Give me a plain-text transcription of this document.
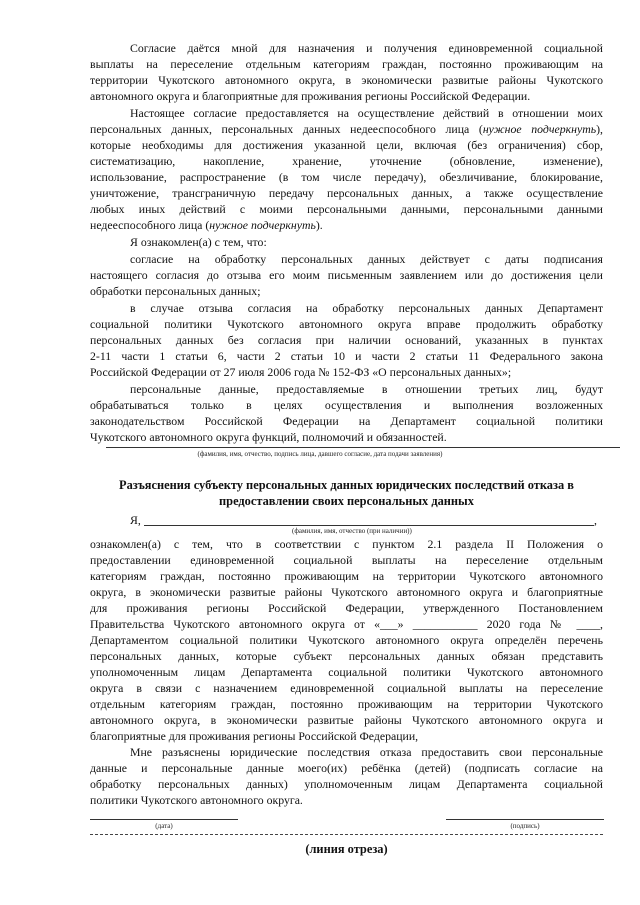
Согласие даётся мной для назначения и получения единовременной социальной
выплаты на переселение отдельным категориям граждан, постоянно проживающим на
территории Чукотского автономного округа, в экономически развитые районы Чукотского
автономного округа и благоприятные для проживания регионы Российской Федерации.
Настоящее согласие предоставляется на осуществление действий в отношении моих
персональных данных, персональных данных недееспособного лица (нужное подчеркнуть),
которые необходимы для достижения указанной цели, включая (без ограничения) сбор,
систематизацию, накопление, хранение, уточнение (обновление, изменение),
использование, распространение (в том числе передачу), обезличивание, блокирование,
уничтожение, трансграничную передачу персональных данных, а также осуществление
любых иных действий с моими персональными данными, персональными данными
недееспособного лица (нужное подчеркнуть).
Я ознакомлен(а) с тем, что:
согласие на обработку персональных данных действует с даты подписания
настоящего согласия до отзыва его моим письменным заявлением или до достижения цели
обработки персональных данных;
в случае отзыва согласия на обработку персональных данных Департамент
социальной политики Чукотского автономного округа вправе продолжить обработку
персональных данных без согласия при наличии оснований, указанных в пунктах
2-11 части 1 статьи 6, части 2 статьи 10 и части 2 статьи 11 Федерального закона
Российской Федерации от 27 июля 2006 года № 152-ФЗ «О персональных данных»;
персональные данные, предоставляемые в отношении третьих лиц, будут
обрабатываться только в целях осуществления и выполнения возложенных
законодательством Российской Федерации на Департамент социальной политики
Чукотского автономного округа функций, полномочий и обязанностей.
(фамилия, имя, отчество, подпись лица, давшего согласие, дата подачи заявления)
Разъяснения субъекту персональных данных юридических последствий отказа в
предоставлении своих персональных данных
Я,	,
(фамилия, имя, отчество (при наличии))
ознакомлен(а) с тем, что в соответствии с пунктом 2.1 раздела II Положения о
предоставлении единовременной социальной выплаты на переселение отдельным
категориям граждан, постоянно проживающим на территории Чукотского автономного
округа, в экономически развитые районы Чукотского автономного округа и благоприятные
для проживания регионы Российской Федерации, утвержденного Постановлением
Правительства Чукотского автономного округа от «___» ___________ 2020 года № ____,
Департаментом социальной политики Чукотского автономного округа определён перечень
персональных данных, которые субъект персональных данных обязан представить
уполномоченным лицам Департамента социальной политики Чукотского автономного
округа в связи с назначением единовременной социальной выплаты на переселение
отдельным категориям граждан, постоянно проживающим на территории Чукотского
автономного округа, в экономически развитые районы Чукотского автономного округа и
благоприятные для проживания регионы Российской Федерации,
Мне разъяснены юридические последствия отказа предоставить свои персональные
данные и персональные данные моего(их) ребёнка (детей) (подписать согласие на
обработку персональных данных) уполномоченным лицам Департамента социальной
политики Чукотского автономного округа.
(дата)	(подпись)
(линия отреза)
